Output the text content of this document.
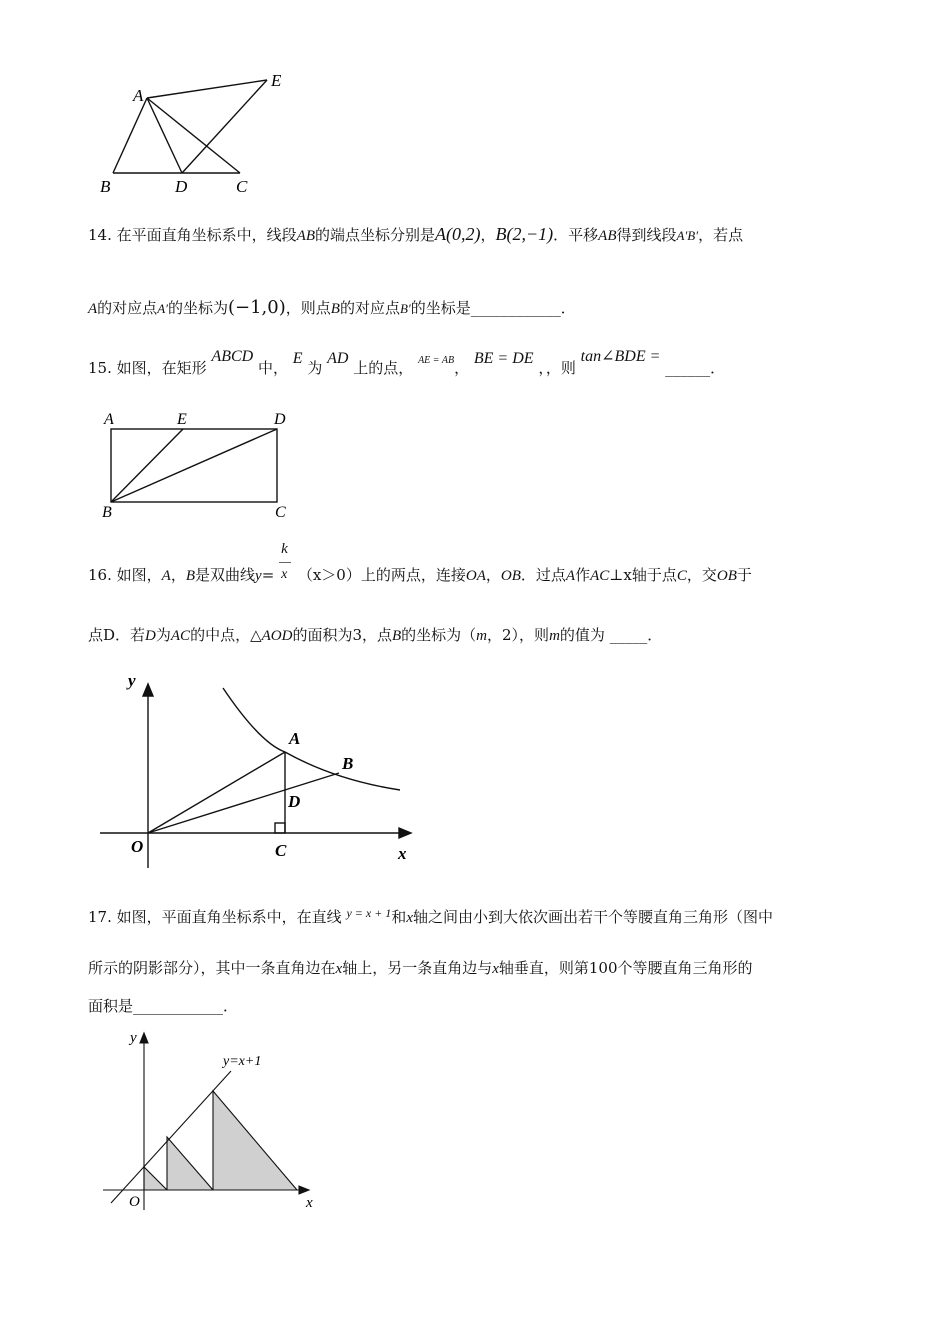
A
E
B	D	C
14. 在平面直角坐标系中，线段AB的端点坐标分别是A(0,2)，B(2,−1)．平移AB得到线段A′B′，若点
A的对应点A′的坐标为(−1,0)，则点B的对应点B′的坐标是____________．
15. 如图，在矩形 ABCD 中， E 为 AD 上的点， $^{AE = AB}$， BE = DE ，，则 tan∠BDE = ______．
A	E	D
B	C
16. 如图，A，B是双曲线$y= \frac{k}{x} (x>0)$上的两点，连接OA，OB．过点A作AC⊥x轴于点C，交OB于
点D．若D为AC的中点，△AOD的面积为3，点B的坐标为（m，2），则m的值为 _____．
y
x
O
A
B
D
C
17. 如图，平面直角坐标系中，在直线 $^{y = x + 1}$和x轴之间由小到大依次画出若干个等腰直角三角形（图中
所示的阴影部分），其中一条直角边在x轴上，另一条直角边与x轴垂直，则第100个等腰直角三角形的
面积是____________．
y
x
O
y=x+1
